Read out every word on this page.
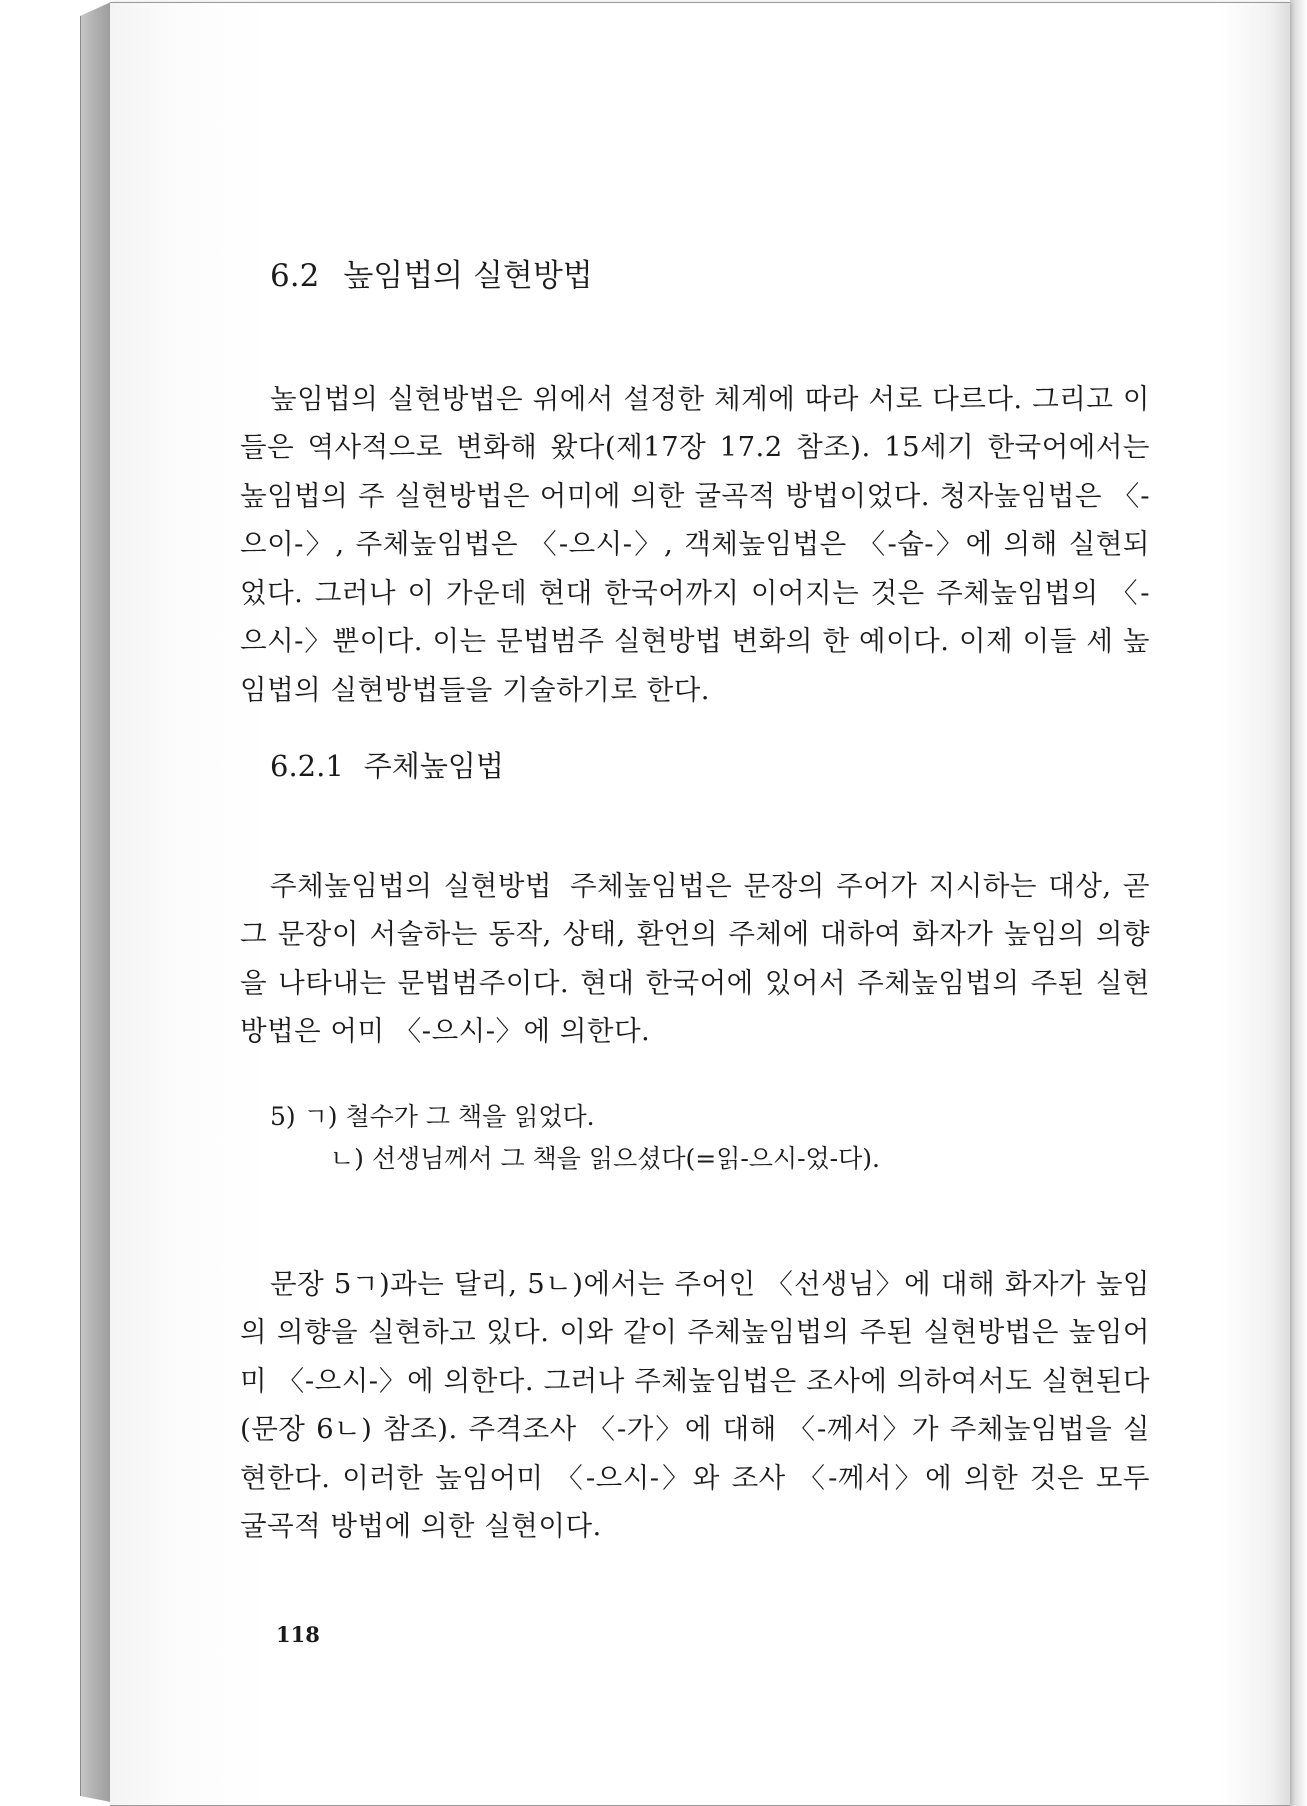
6.2 높임법의 실현방법

높임법의 실현방법은 위에서 설정한 체계에 따라 서로 다르다. 그리고 이들은 역사적으로 변화해 왔다(제17장 17.2 참조). 15세기 한국어에서는 높임법의 주 실현방법은 어미에 의한 굴곡적 방법이었다. 청자높임법은 〈-으이-〉, 주체높임법은 〈-으시-〉, 객체높임법은 〈-숩-〉에 의해 실현되었다. 그러나 이 가운데 현대 한국어까지 이어지는 것은 주체높임법의 〈-으시-〉뿐이다. 이는 문법범주 실현방법 변화의 한 예이다. 이제 이들 세 높임법의 실현방법들을 기술하기로 한다.

6.2.1 주체높임법

주체높임법의 실현방법 주체높임법은 문장의 주어가 지시하는 대상, 곧 그 문장이 서술하는 동작, 상태, 환언의 주체에 대하여 화자가 높임의 의향을 나타내는 문법범주이다. 현대 한국어에 있어서 주체높임법의 주된 실현방법은 어미 〈-으시-〉에 의한다.

5) ㄱ) 철수가 그 책을 읽었다.
ㄴ) 선생님께서 그 책을 읽으셨다(=읽-으시-었-다).

문장 5ㄱ)과는 달리, 5ㄴ)에서는 주어인 〈선생님〉에 대해 화자가 높임의 의향을 실현하고 있다. 이와 같이 주체높임법의 주된 실현방법은 높임어미 〈-으시-〉에 의한다. 그러나 주체높임법은 조사에 의하여서도 실현된다(문장 6ㄴ) 참조). 주격조사 〈-가〉에 대해 〈-께서〉가 주체높임법을 실현한다. 이러한 높임어미 〈-으시-〉와 조사 〈-께서〉에 의한 것은 모두 굴곡적 방법에 의한 실현이다.

118
